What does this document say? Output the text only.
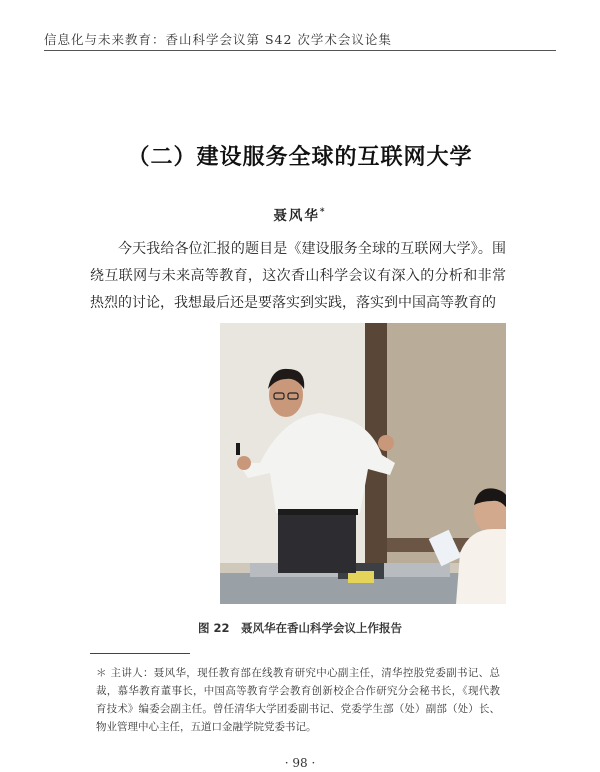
信息化与未来教育：香山科学会议第 S42 次学术会议论集
（二）建设服务全球的互联网大学
聂风华*
今天我给各位汇报的题目是《建设服务全球的互联网大学》。围绕互联网与未来高等教育，这次香山科学会议有深入的分析和非常热烈的讨论，我想最后还是要落实到实践，落实到中国高等教育的
图 22　聂风华在香山科学会议上作报告
＊ 主讲人：聂风华，现任教育部在线教育研究中心副主任，清华控股党委副书记、总裁，慕华教育董事长，中国高等教育学会教育创新校企合作研究分会秘书长，《现代教育技术》编委会副主任。曾任清华大学团委副书记、党委学生部（处）副部（处）长、物业管理中心主任，五道口金融学院党委书记。
· 98 ·
